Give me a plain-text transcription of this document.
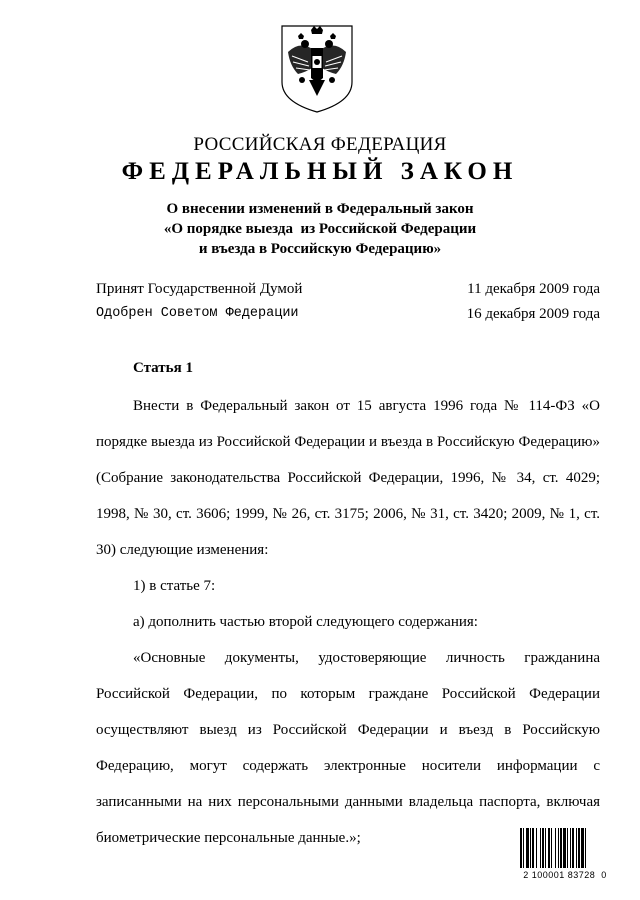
РОССИЙСКАЯ ФЕДЕРАЦИЯ
ФЕДЕРАЛЬНЫЙ ЗАКОН
О внесении изменений в Федеральный закон
«О порядке выезда  из Российской Федерации
и въезда в Российскую Федерацию»
Принят Государственной Думой	11 декабря 2009 года
Одобрен Советом Федерации	16 декабря 2009 года
Статья 1

Внести в Федеральный закон от 15 августа 1996 года № 114-ФЗ «О порядке выезда из Российской Федерации и въезда в Российскую Федерацию» (Собрание законодательства Российской Федерации, 1996, № 34, ст. 4029; 1998, № 30, ст. 3606; 1999, № 26, ст. 3175; 2006, № 31, ст. 3420; 2009, № 1, ст. 30) следующие изменения:

1) в статье 7:

а) дополнить частью второй следующего содержания:

«Основные документы, удостоверяющие личность гражданина Российской Федерации, по которым граждане Российской Федерации осуществляют выезд из Российской Федерации и въезд в Российскую Федерацию, могут содержать электронные носители информации с записанными на них персональными данными владельца паспорта, включая биометрические персональные данные.»;

2 100001 83728  0
